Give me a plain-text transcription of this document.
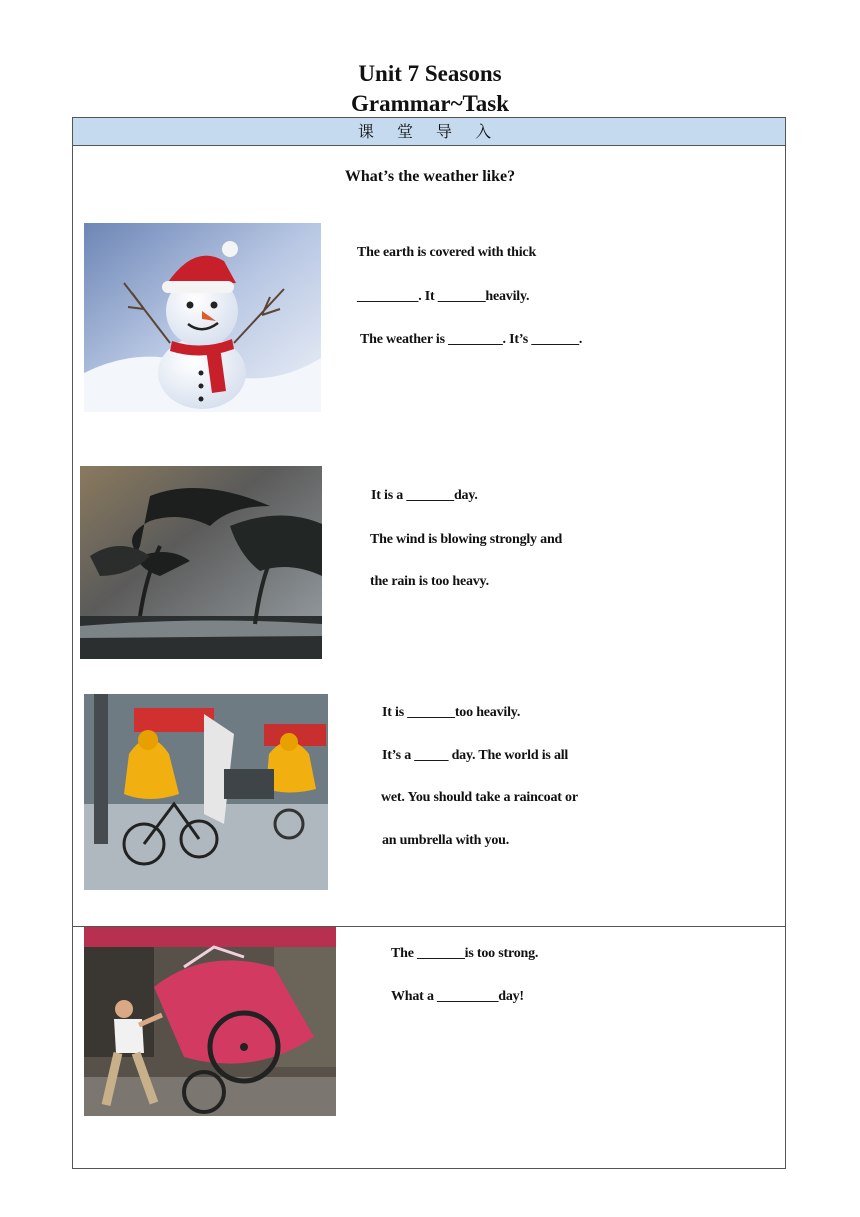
Unit 7 Seasons
Grammar~Task
课 堂 导 入
What’s the weather like?
The earth is covered with thick
_________. It _______heavily.
The weather is ________. It’s _______.
It is a _______day.
The wind is blowing strongly and
the rain is too heavy.
It is _______too heavily.
It’s a _____ day. The world is all
wet. You should take a raincoat or
an umbrella with you.
The _______is too strong.
What a _________day!
